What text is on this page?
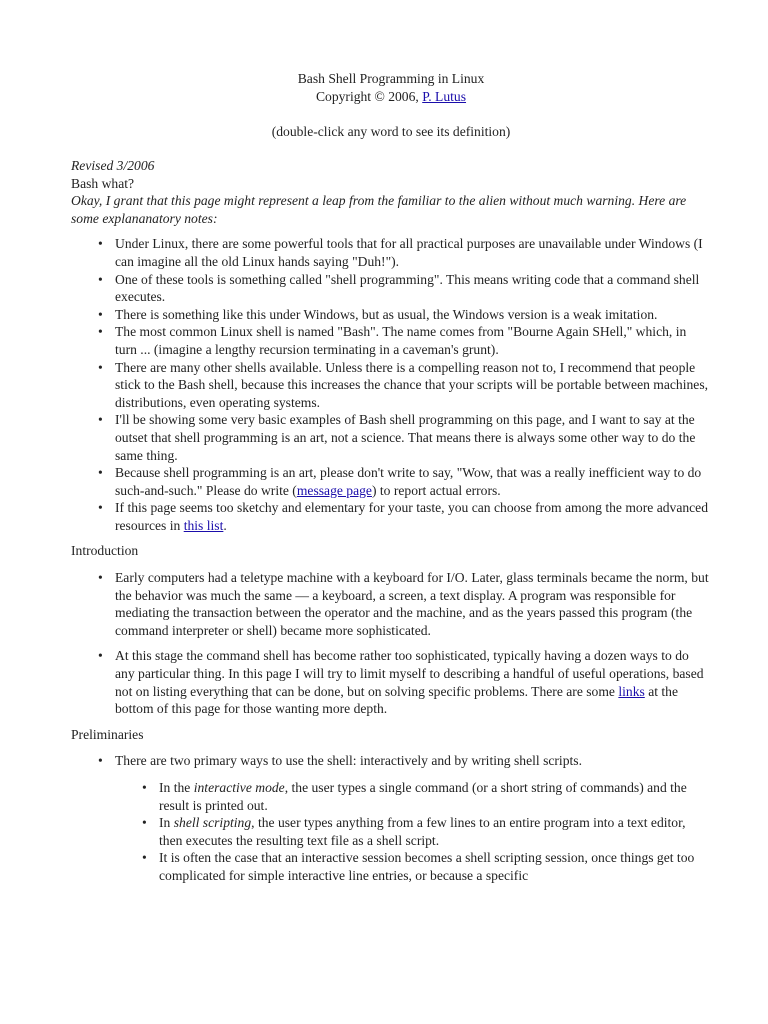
Bash Shell Programming in Linux
Copyright © 2006, P. Lutus
(double-click any word to see its definition)
Revised 3/2006
Bash what?
Okay, I grant that this page might represent a leap from the familiar to the alien without much warning. Here are some explananatory notes:
• Under Linux, there are some powerful tools that for all practical purposes are unavailable under Windows (I can imagine all the old Linux hands saying "Duh!").
• One of these tools is something called "shell programming". This means writing code that a command shell executes.
• There is something like this under Windows, but as usual, the Windows version is a weak imitation.
• The most common Linux shell is named "Bash". The name comes from "Bourne Again SHell," which, in turn ... (imagine a lengthy recursion terminating in a caveman's grunt).
• There are many other shells available. Unless there is a compelling reason not to, I recommend that people stick to the Bash shell, because this increases the chance that your scripts will be portable between machines, distributions, even operating systems.
• I'll be showing some very basic examples of Bash shell programming on this page, and I want to say at the outset that shell programming is an art, not a science. That means there is always some other way to do the same thing.
• Because shell programming is an art, please don't write to say, "Wow, that was a really inefficient way to do such-and-such." Please do write (message page) to report actual errors.
• If this page seems too sketchy and elementary for your taste, you can choose from among the more advanced resources in this list.
Introduction
• Early computers had a teletype machine with a keyboard for I/O. Later, glass terminals became the norm, but the behavior was much the same — a keyboard, a screen, a text display. A program was responsible for mediating the transaction between the operator and the machine, and as the years passed this program (the command interpreter or shell) became more sophisticated.
• At this stage the command shell has become rather too sophisticated, typically having a dozen ways to do any particular thing. In this page I will try to limit myself to describing a handful of useful operations, based not on listing everything that can be done, but on solving specific problems. There are some links at the bottom of this page for those wanting more depth.
Preliminaries
• There are two primary ways to use the shell: interactively and by writing shell scripts.
• In the interactive mode, the user types a single command (or a short string of commands) and the result is printed out.
• In shell scripting, the user types anything from a few lines to an entire program into a text editor, then executes the resulting text file as a shell script.
• It is often the case that an interactive session becomes a shell scripting session, once things get too complicated for simple interactive line entries, or because a specific
